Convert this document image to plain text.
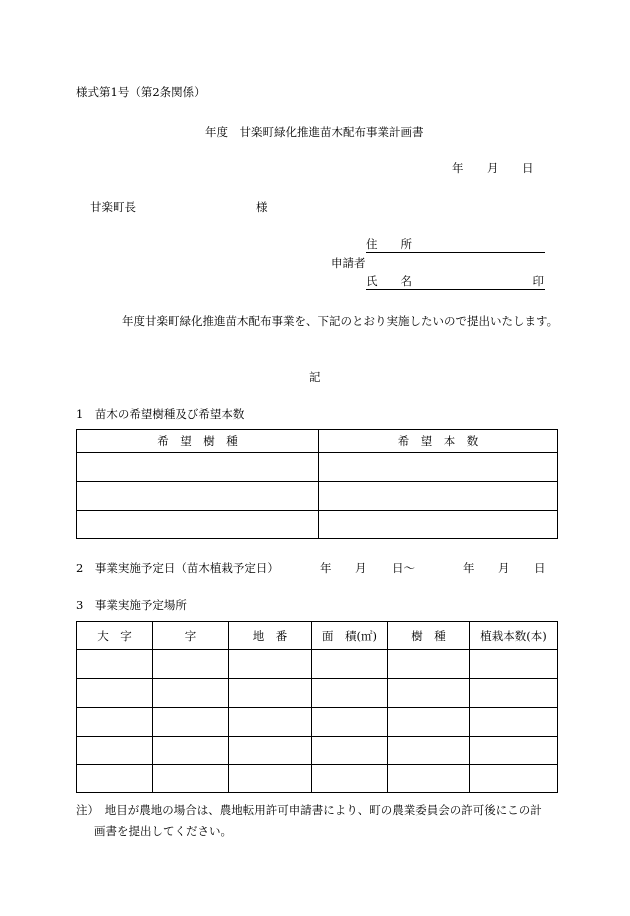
様式第1号（第2条関係）
年度　甘楽町緑化推進苗木配布事業計画書
年 月 日
甘楽町長	様
住　　所
申請者
氏　　名	印
　　　　年度甘楽町緑化推進苗木配布事業を、下記のとおり実施したいので提出いたします。
記
1　苗木の希望樹種及び希望本数
希　望　樹　種	希　望　本　数

2　事業実施予定日（苗木植栽予定日）	年 月 日～	年 月 日
3　事業実施予定場所
大　字	字	地　番	面　積(㎡)	樹　種	植栽本数(本)

注）　 地目が農地の場合は、農地転用許可申請書により、町の農業委員会の許可後にこの計
画書を提出してください。
